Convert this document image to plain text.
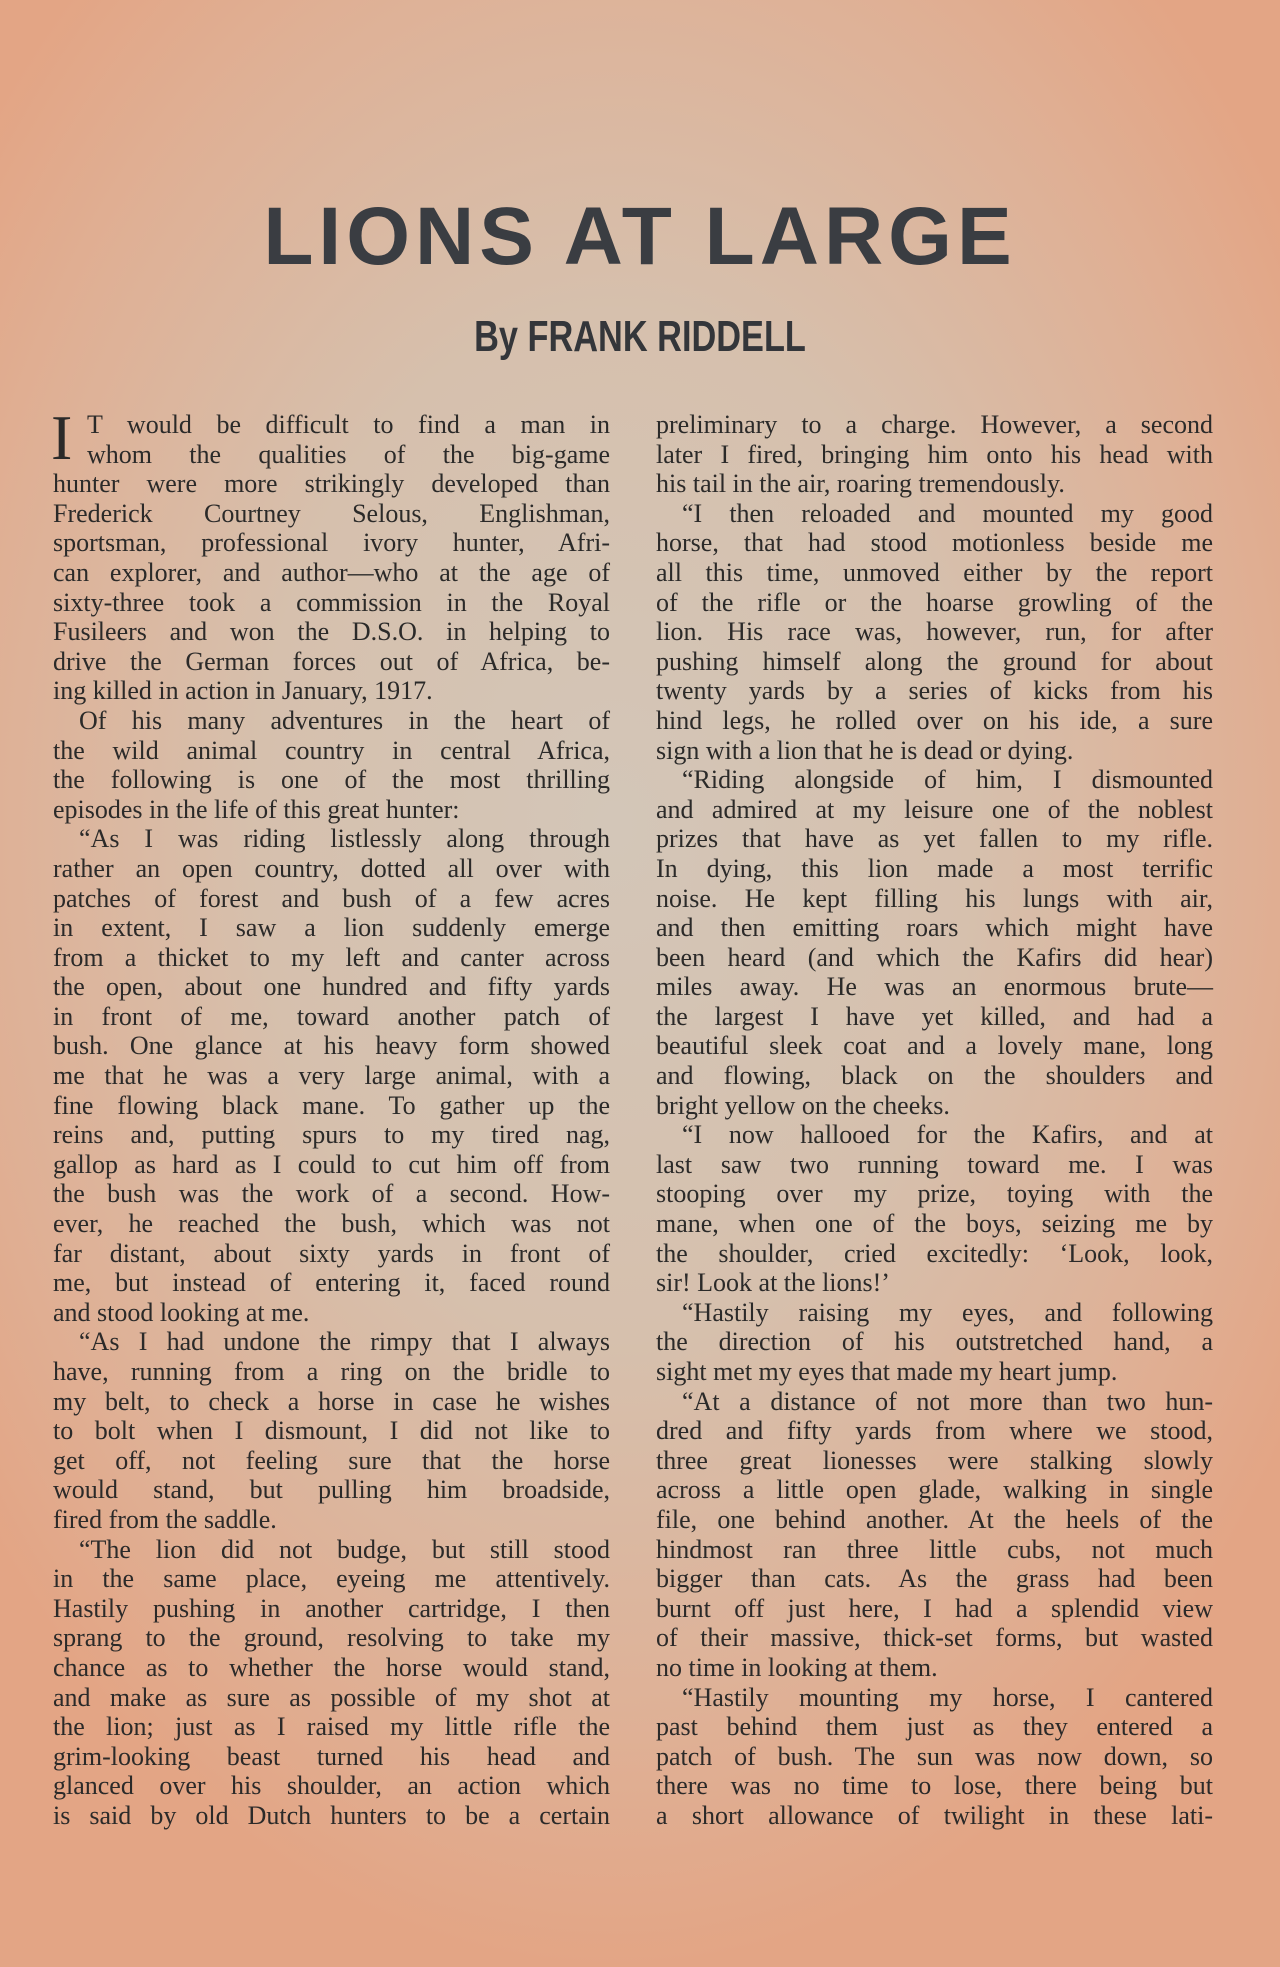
LIONS AT LARGE
By FRANK RIDDELL
I T would be difficult to find a man in
whom the qualities of the big-game
hunter were more strikingly developed than
Frederick Courtney Selous, Englishman,
sportsman, professional ivory hunter, Afri-
can explorer, and author—who at the age of
sixty-three took a commission in the Royal
Fusileers and won the D.S.O. in helping to
drive the German forces out of Africa, be-
ing killed in action in January, 1917.
Of his many adventures in the heart of
the wild animal country in central Africa,
the following is one of the most thrilling
episodes in the life of this great hunter:
“As I was riding listlessly along through
rather an open country, dotted all over with
patches of forest and bush of a few acres
in extent, I saw a lion suddenly emerge
from a thicket to my left and canter across
the open, about one hundred and fifty yards
in front of me, toward another patch of
bush. One glance at his heavy form showed
me that he was a very large animal, with a
fine flowing black mane. To gather up the
reins and, putting spurs to my tired nag,
gallop as hard as I could to cut him off from
the bush was the work of a second. How-
ever, he reached the bush, which was not
far distant, about sixty yards in front of
me, but instead of entering it, faced round
and stood looking at me.
“As I had undone the rimpy that I always
have, running from a ring on the bridle to
my belt, to check a horse in case he wishes
to bolt when I dismount, I did not like to
get off, not feeling sure that the horse
would stand, but pulling him broadside,
fired from the saddle.
“The lion did not budge, but still stood
in the same place, eyeing me attentively.
Hastily pushing in another cartridge, I then
sprang to the ground, resolving to take my
chance as to whether the horse would stand,
and make as sure as possible of my shot at
the lion; just as I raised my little rifle the
grim-looking beast turned his head and
glanced over his shoulder, an action which
is said by old Dutch hunters to be a certain
preliminary to a charge. However, a second
later I fired, bringing him onto his head with
his tail in the air, roaring tremendously.
“I then reloaded and mounted my good
horse, that had stood motionless beside me
all this time, unmoved either by the report
of the rifle or the hoarse growling of the
lion. His race was, however, run, for after
pushing himself along the ground for about
twenty yards by a series of kicks from his
hind legs, he rolled over on his ide, a sure
sign with a lion that he is dead or dying.
“Riding alongside of him, I dismounted
and admired at my leisure one of the noblest
prizes that have as yet fallen to my rifle.
In dying, this lion made a most terrific
noise. He kept filling his lungs with air,
and then emitting roars which might have
been heard (and which the Kafirs did hear)
miles away. He was an enormous brute—
the largest I have yet killed, and had a
beautiful sleek coat and a lovely mane, long
and flowing, black on the shoulders and
bright yellow on the cheeks.
“I now hallooed for the Kafirs, and at
last saw two running toward me. I was
stooping over my prize, toying with the
mane, when one of the boys, seizing me by
the shoulder, cried excitedly: ‘Look, look,
sir! Look at the lions!’
“Hastily raising my eyes, and following
the direction of his outstretched hand, a
sight met my eyes that made my heart jump.
“At a distance of not more than two hun-
dred and fifty yards from where we stood,
three great lionesses were stalking slowly
across a little open glade, walking in single
file, one behind another. At the heels of the
hindmost ran three little cubs, not much
bigger than cats. As the grass had been
burnt off just here, I had a splendid view
of their massive, thick-set forms, but wasted
no time in looking at them.
“Hastily mounting my horse, I cantered
past behind them just as they entered a
patch of bush. The sun was now down, so
there was no time to lose, there being but
a short allowance of twilight in these lati-
